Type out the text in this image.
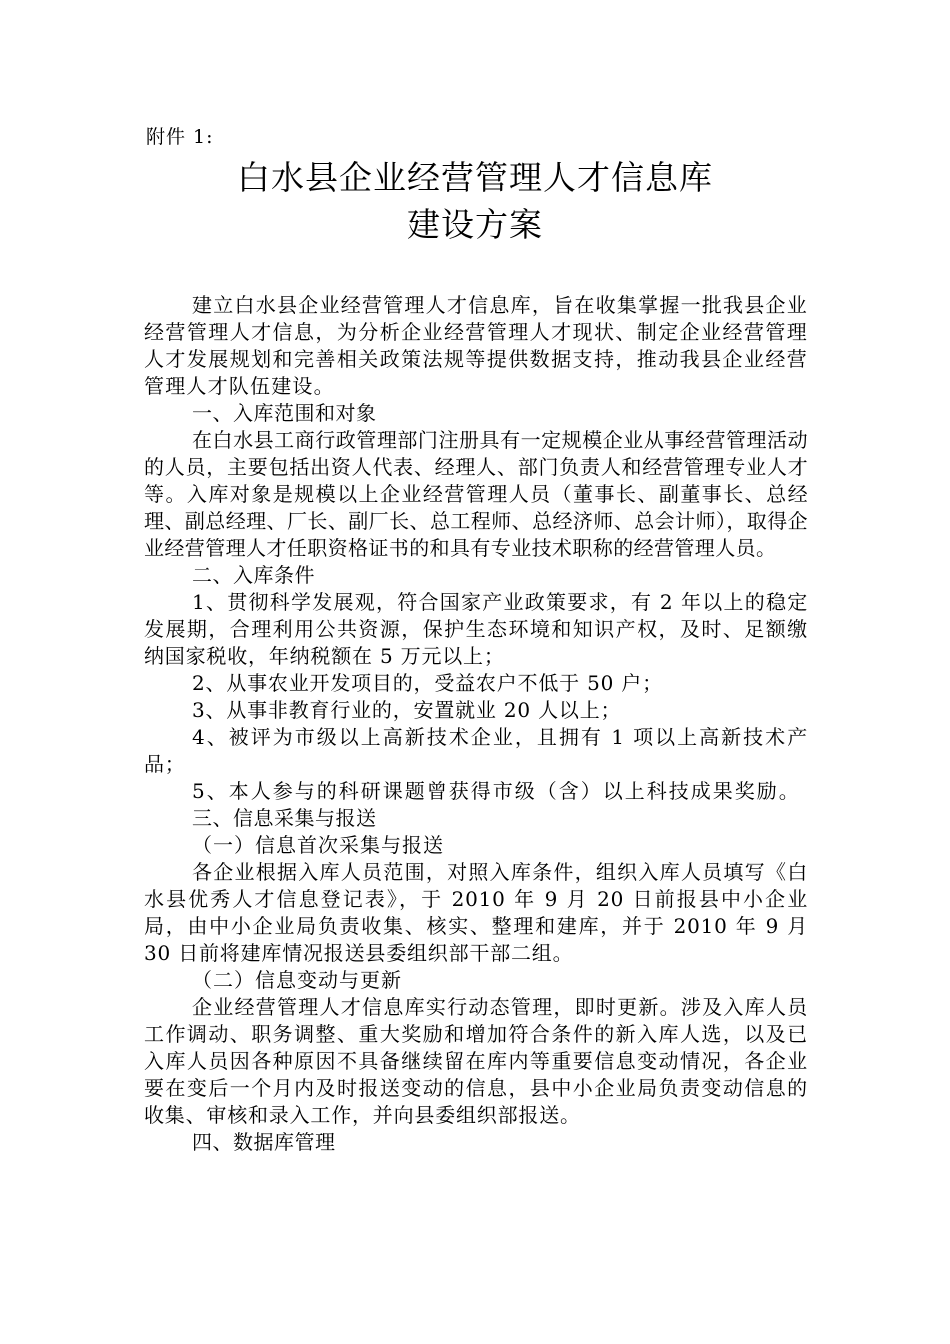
附件 1:
白水县企业经营管理人才信息库
建设方案

建立白水县企业经营管理人才信息库，旨在收集掌握一批我县企业经营管理人才信息，为分析企业经营管理人才现状、制定企业经营管理人才发展规划和完善相关政策法规等提供数据支持，推动我县企业经营管理人才队伍建设。

一、入库范围和对象

在白水县工商行政管理部门注册具有一定规模企业从事经营管理活动的人员，主要包括出资人代表、经理人、部门负责人和经营管理专业人才等。入库对象是规模以上企业经营管理人员（董事长、副董事长、总经理、副总经理、厂长、副厂长、总工程师、总经济师、总会计师），取得企业经营管理人才任职资格证书的和具有专业技术职称的经营管理人员。

二、入库条件

1、贯彻科学发展观，符合国家产业政策要求，有 2 年以上的稳定发展期，合理利用公共资源，保护生态环境和知识产权，及时、足额缴纳国家税收，年纳税额在 5 万元以上；

2、从事农业开发项目的，受益农户不低于 50 户；

3、从事非教育行业的，安置就业 20 人以上；

4、被评为市级以上高新技术企业，且拥有 1 项以上高新技术产品；

5、本人参与的科研课题曾获得市级（含）以上科技成果奖励。

三、信息采集与报送

（一）信息首次采集与报送

各企业根据入库人员范围，对照入库条件，组织入库人员填写《白水县优秀人才信息登记表》，于 2010 年 9 月 20 日前报县中小企业局，由中小企业局负责收集、核实、整理和建库，并于 2010 年 9 月 30 日前将建库情况报送县委组织部干部二组。

（二）信息变动与更新

企业经营管理人才信息库实行动态管理，即时更新。涉及入库人员工作调动、职务调整、重大奖励和增加符合条件的新入库人选，以及已入库人员因各种原因不具备继续留在库内等重要信息变动情况，各企业要在变后一个月内及时报送变动的信息，县中小企业局负责变动信息的收集、审核和录入工作，并向县委组织部报送。

四、数据库管理
